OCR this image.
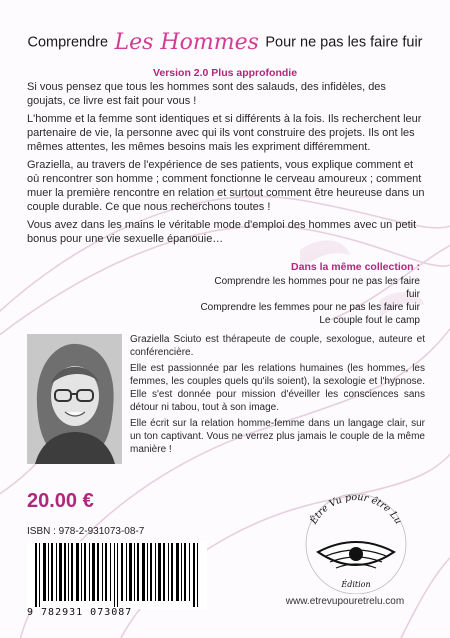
Comprendre Les Hommes Pour ne pas les faire fuir
Version 2.0 Plus approfondie

Si vous pensez que tous les hommes sont des salauds, des infidèles, des goujats, ce livre est fait pour vous !

L'homme et la femme sont identiques et si différents à la fois. Ils recherchent leur partenaire de vie, la personne avec qui ils vont construire des projets. Ils ont les mêmes attentes, les mêmes besoins mais les expriment différemment.

Graziella, au travers de l'expérience de ses patients, vous explique comment et où rencontrer son homme ; comment fonctionne le cerveau amoureux ; comment muer la première rencontre en relation et surtout comment être heureuse dans un couple durable. Ce que nous recherchons toutes !

Vous avez dans les mains le véritable mode d'emploi des hommes avec un petit bonus pour une vie sexuelle épanouie…

Dans la même collection :
Comprendre les hommes pour ne pas les faire fuir
Comprendre les femmes pour ne pas les faire fuir
Le couple fout le camp

Graziella Sciuto est thérapeute de couple, sexologue, auteure et conférencière.

Elle est passionnée par les relations humaines (les hommes, les femmes, les couples quels qu'ils soient), la sexologie et l'hypnose. Elle s'est donnée pour mission d'éveiller les consciences sans détour ni tabou, tout à son image.

Elle écrit sur la relation homme-femme dans un langage clair, sur un ton captivant. Vous ne verrez plus jamais le couple de la même manière !

20.00 €
ISBN : 978-2-931073-08-7
9 782931 073087
Être Vu pour être Lu
Édition
www.etrevupouretrelu.com
